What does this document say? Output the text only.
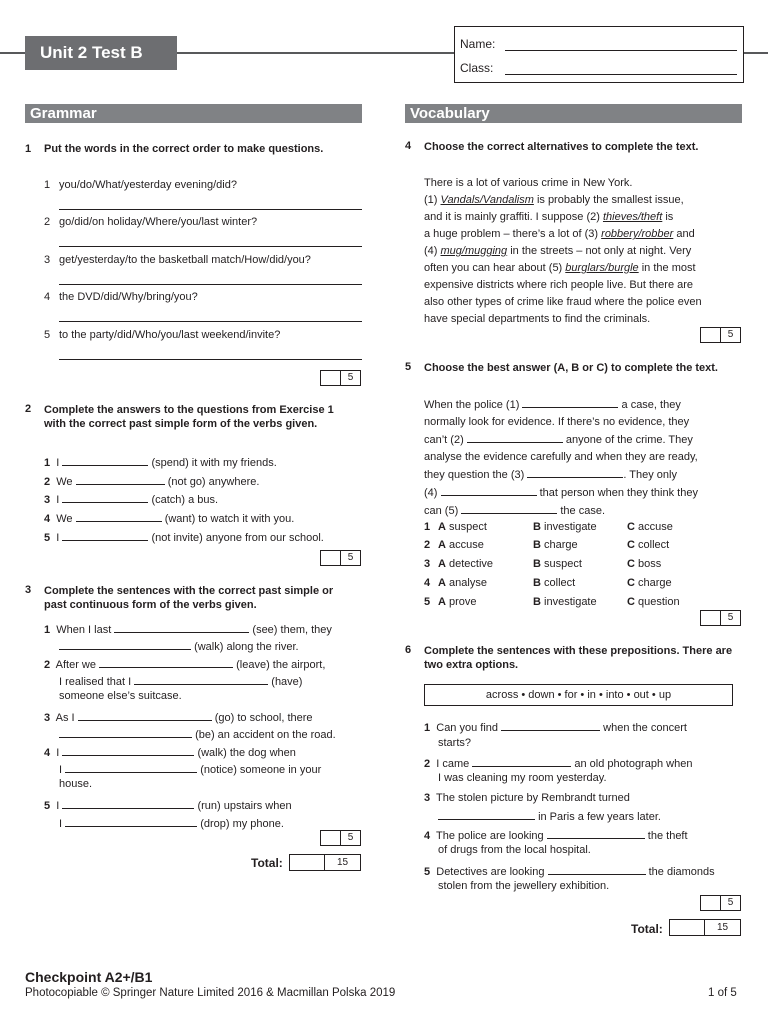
Unit 2 Test B	Name:
Class:
Grammar
1 Put the words in the correct order to make questions.
1 you/do/What/yesterday evening/did?
2 go/did/on holiday/Where/you/last winter?
3 get/yesterday/to the basketball match/How/did/you?
4 the DVD/did/Why/bring/you?
5 to the party/did/Who/you/last weekend/invite?
5
2 Complete the answers to the questions from Exercise 1 with the correct past simple form of the verbs given.
1 I	(spend) it with my friends.
2 We	(not go) anywhere.
3 I	(catch) a bus.
4 We	(want) to watch it with you.
5 I	(not invite) anyone from our school.
5
3 Complete the sentences with the correct past simple or past continuous form of the verbs given.
1 When I last	(see) them, they
(walk) along the river.
2 After we	(leave) the airport,
I realised that I	(have)
someone else’s suitcase.
3 As I	(go) to school, there
(be) an accident on the road.
4 I	(walk) the dog when
I	(notice) someone in your
house.
5 I	(run) upstairs when
I	(drop) my phone.
5
Total:	15
Vocabulary
4 Choose the correct alternatives to complete the text.
There is a lot of various crime in New York.
(1) Vandals/Vandalism is probably the smallest issue,
and it is mainly graffiti. I suppose (2) thieves/theft is
a huge problem – there’s a lot of (3) robbery/robber and
(4) mug/mugging in the streets – not only at night. Very
often you can hear about (5) burglars/burgle in the most
expensive districts where rich people live. But there are
also other types of crime like fraud where the police even
have special departments to find the criminals.
5
5 Choose the best answer (A, B or C) to complete the text.
When the police (1)	a case, they
normally look for evidence. If there’s no evidence, they
can’t (2)	anyone of the crime. They
analyse the evidence carefully and when they are ready,
they question the (3)	. They only
(4)	that person when they think they
can (5)	the case.
1 A suspect	B investigate	C accuse
2 A accuse	B charge	C collect
3 A detective	B suspect	C boss
4 A analyse	B collect	C charge
5 A prove	B investigate	C question
5
6 Complete the sentences with these prepositions. There are two extra options.
across • down • for • in • into • out • up
1 Can you find	when the concert
starts?
2 I came	an old photograph when
I was cleaning my room yesterday.
3 The stolen picture by Rembrandt turned
in Paris a few years later.
4 The police are looking	the theft
of drugs from the local hospital.
5 Detectives are looking	the diamonds
stolen from the jewellery exhibition.
5
Total:	15
Checkpoint A2+/B1
Photocopiable © Springer Nature Limited 2016 & Macmillan Polska 2019	1 of 5
